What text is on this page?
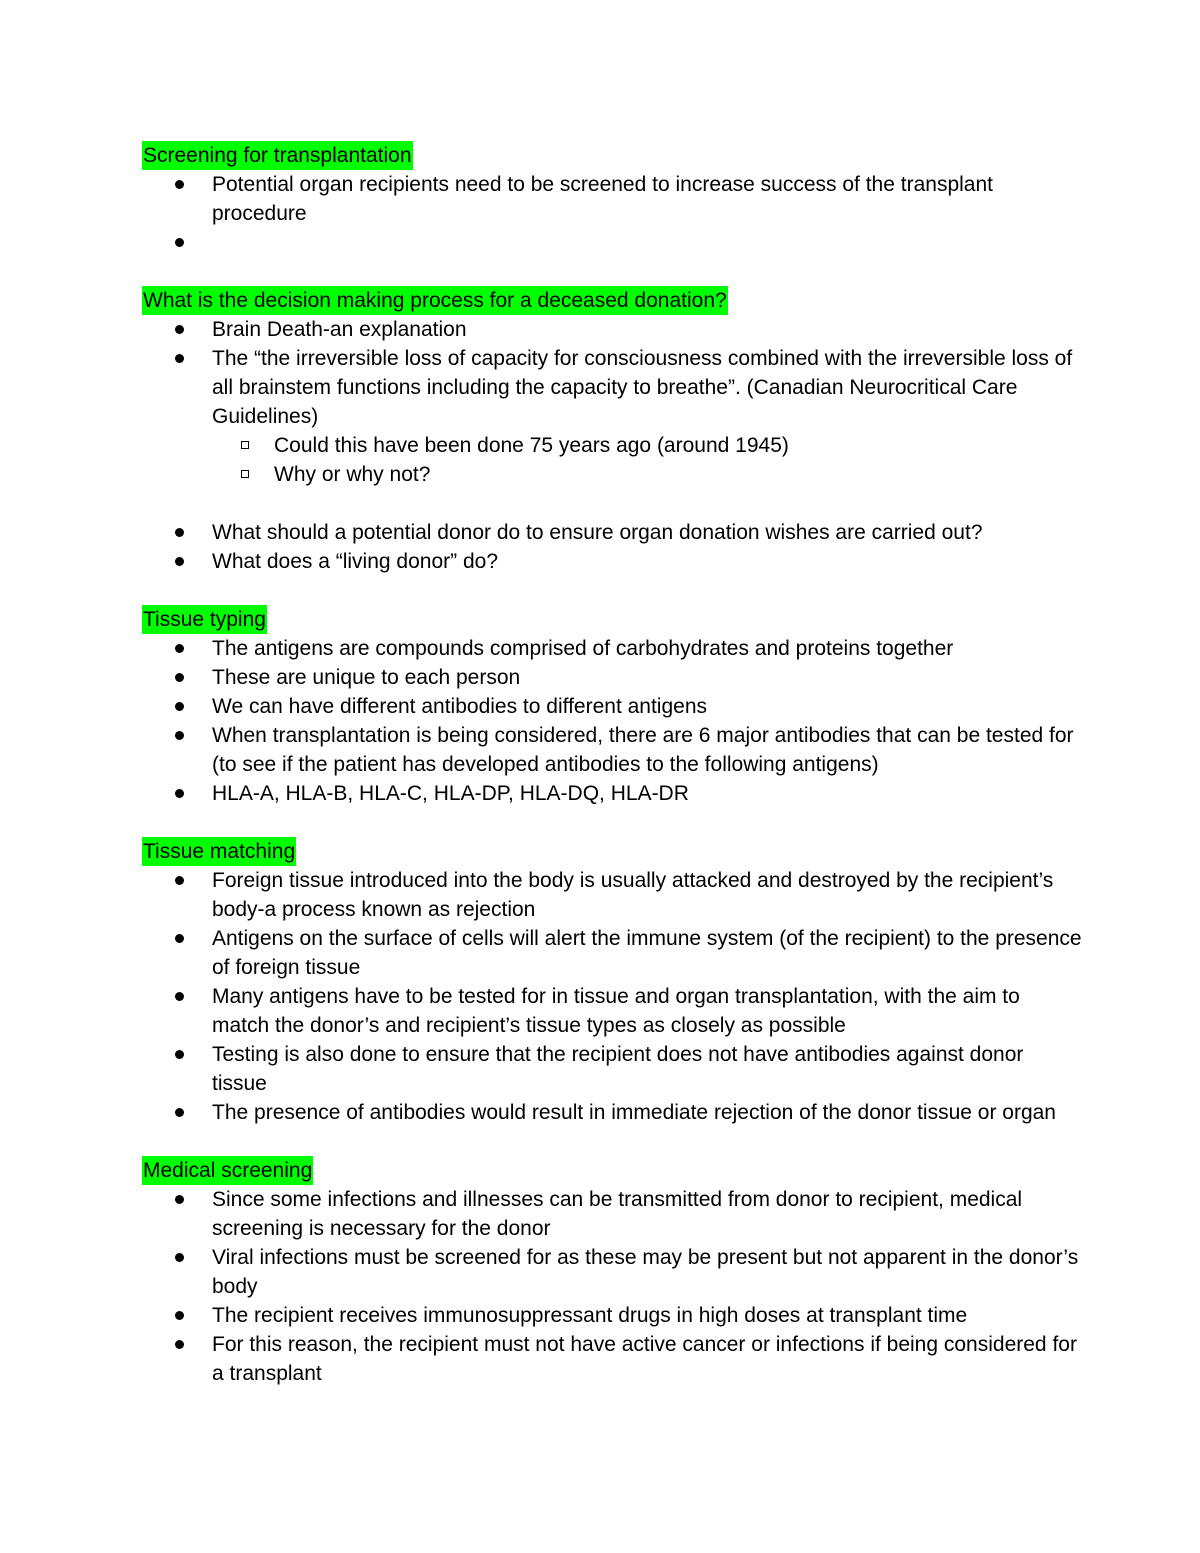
Screening for transplantation
Potential organ recipients need to be screened to increase success of the transplant procedure

What is the decision making process for a deceased donation?
Brain Death-an explanation
The “the irreversible loss of capacity for consciousness combined with the irreversible loss of all brainstem functions including the capacity to breathe”. (Canadian Neurocritical Care Guidelines)
Could this have been done 75 years ago (around 1945)
Why or why not?
What should a potential donor do to ensure organ donation wishes are carried out?
What does a “living donor” do?
Tissue typing
The antigens are compounds comprised of carbohydrates and proteins together
These are unique to each person
We can have different antibodies to different antigens
When transplantation is being considered, there are 6 major antibodies that can be tested for (to see if the patient has developed antibodies to the following antigens)
HLA-A, HLA-B, HLA-C, HLA-DP, HLA-DQ, HLA-DR
Tissue matching
Foreign tissue introduced into the body is usually attacked and destroyed by the recipient’s body-a process known as rejection
Antigens on the surface of cells will alert the immune system (of the recipient) to the presence of foreign tissue
Many antigens have to be tested for in tissue and organ transplantation, with the aim to match the donor’s and recipient’s tissue types as closely as possible
Testing is also done to ensure that the recipient does not have antibodies against donor tissue
The presence of antibodies would result in immediate rejection of the donor tissue or organ
Medical screening
Since some infections and illnesses can be transmitted from donor to recipient, medical screening is necessary for the donor
Viral infections must be screened for as these may be present but not apparent in the donor’s body
The recipient receives immunosuppressant drugs in high doses at transplant time
For this reason, the recipient must not have active cancer or infections if being considered for a transplant
